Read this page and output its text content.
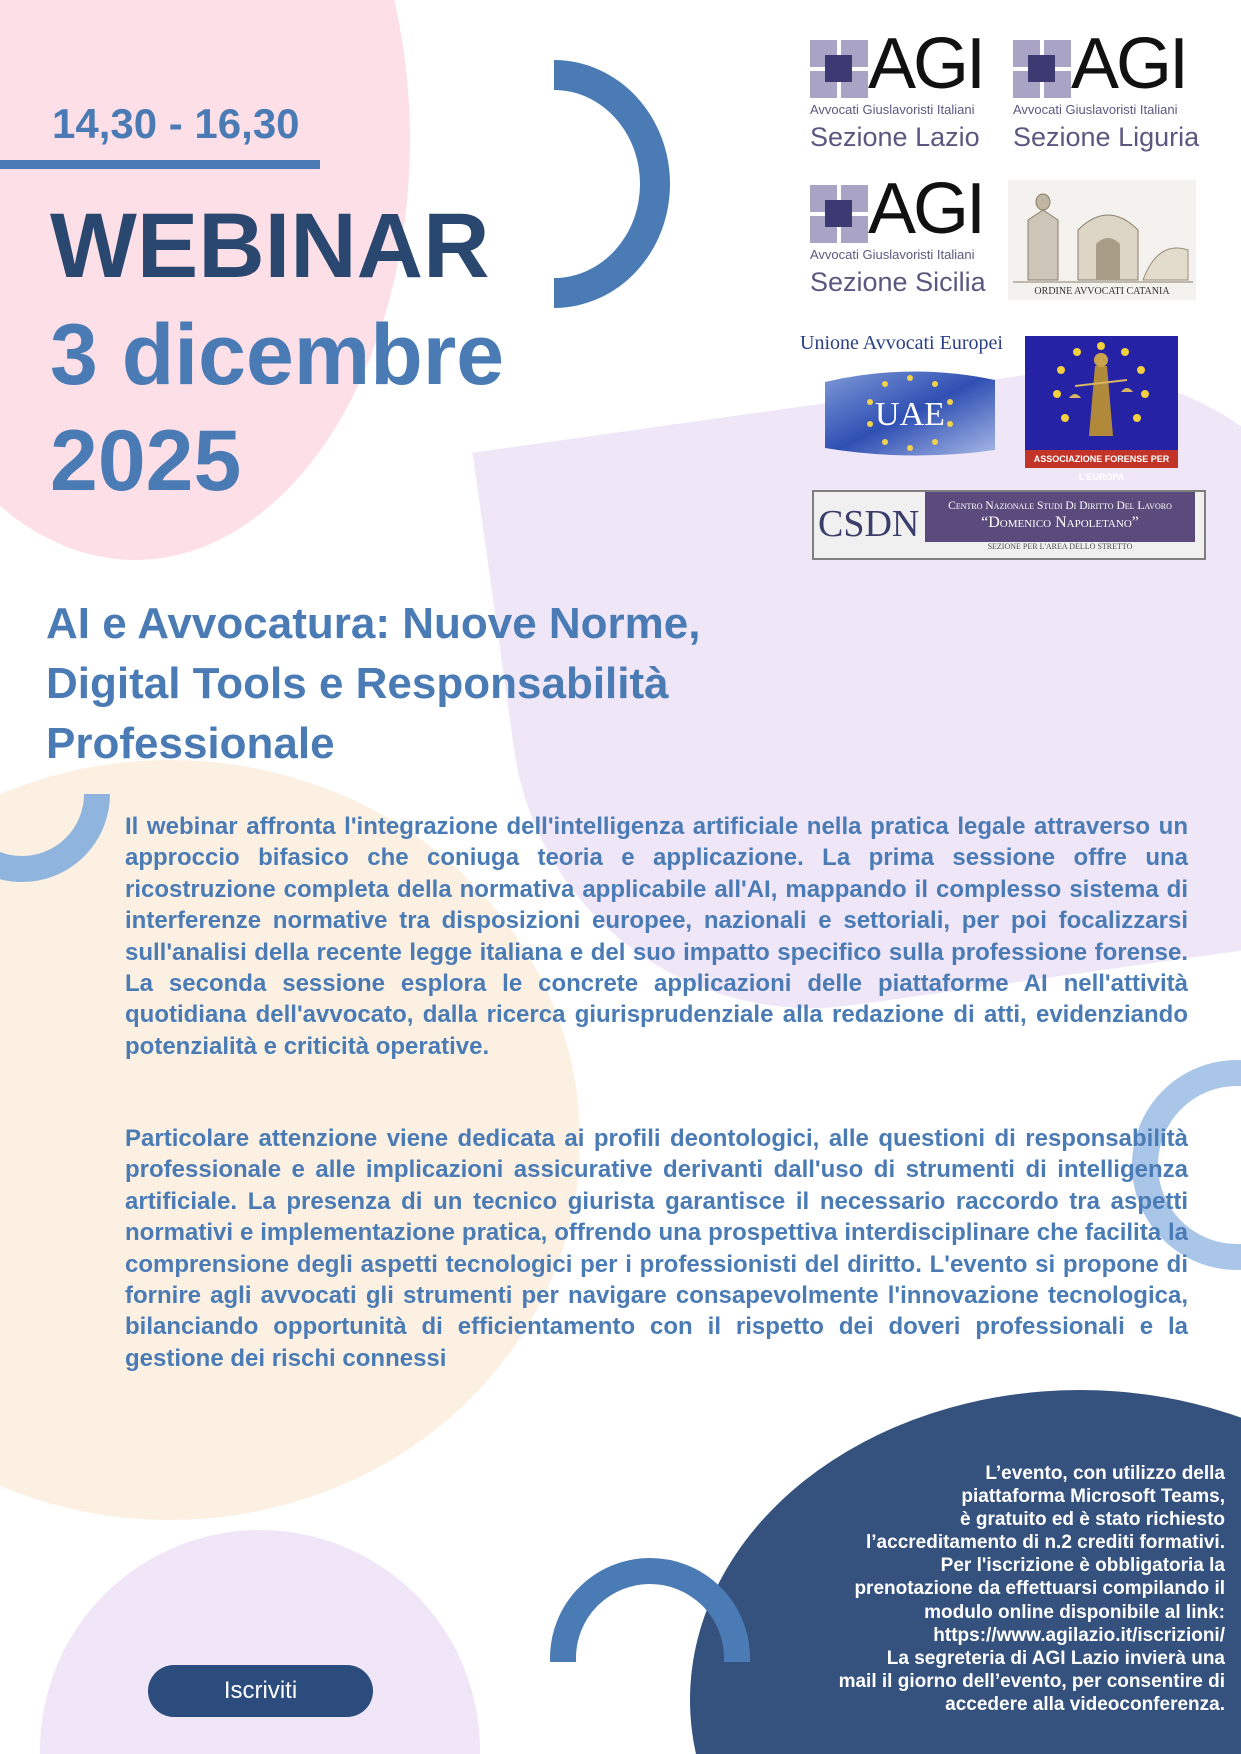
14,30 - 16,30
WEBINAR
3 dicembre
2025
AGI
Avvocati Giuslavoristi Italiani
Sezione Lazio
AGI
Avvocati Giuslavoristi Italiani
Sezione Liguria
AGI
Avvocati Giuslavoristi Italiani
Sezione Sicilia	ORDINE AVVOCATI CATANIA
Unione Avvocati Europei
UAE
ASSOCIAZIONE FORENSE PER L'EUROPA
CSDN	Centro Nazionale Studi Di Diritto Del Lavoro
“Domenico Napoletano”
SEZIONE PER L'AREA DELLO STRETTO
AI e Avvocatura: Nuove Norme, Digital Tools e Responsabilità Professionale

Il webinar affronta l'integrazione dell'intelligenza artificiale nella pratica legale attraverso un approccio bifasico che coniuga teoria e applicazione. La prima sessione offre una ricostruzione completa della normativa applicabile all'AI, mappando il complesso sistema di interferenze normative tra disposizioni europee, nazionali e settoriali, per poi focalizzarsi sull'analisi della recente legge italiana e del suo impatto specifico sulla professione forense. La seconda sessione esplora le concrete applicazioni delle piattaforme AI nell'attività quotidiana dell'avvocato, dalla ricerca giurisprudenziale alla redazione di atti, evidenziando potenzialità e criticità operative.

Particolare attenzione viene dedicata ai profili deontologici, alle questioni di responsabilità professionale e alle implicazioni assicurative derivanti dall'uso di strumenti di intelligenza artificiale. La presenza di un tecnico giurista garantisce il necessario raccordo tra aspetti normativi e implementazione pratica, offrendo una prospettiva interdisciplinare che facilita la comprensione degli aspetti tecnologici per i professionisti del diritto. L'evento si propone di fornire agli avvocati gli strumenti per navigare consapevolmente l'innovazione tecnologica, bilanciando opportunità di efficientamento con il rispetto dei doveri professionali e la gestione dei rischi connessi

L’evento, con utilizzo della
piattaforma Microsoft Teams,
è gratuito ed è stato richiesto
l’accreditamento di n.2 crediti formativi.
Per l'iscrizione è obbligatoria la
prenotazione da effettuarsi compilando il
modulo online disponibile al link:
https://www.agilazio.it/iscrizioni/
La segreteria di AGI Lazio invierà una
mail il giorno dell’evento, per consentire di
accedere alla videoconferenza.
Iscriviti
